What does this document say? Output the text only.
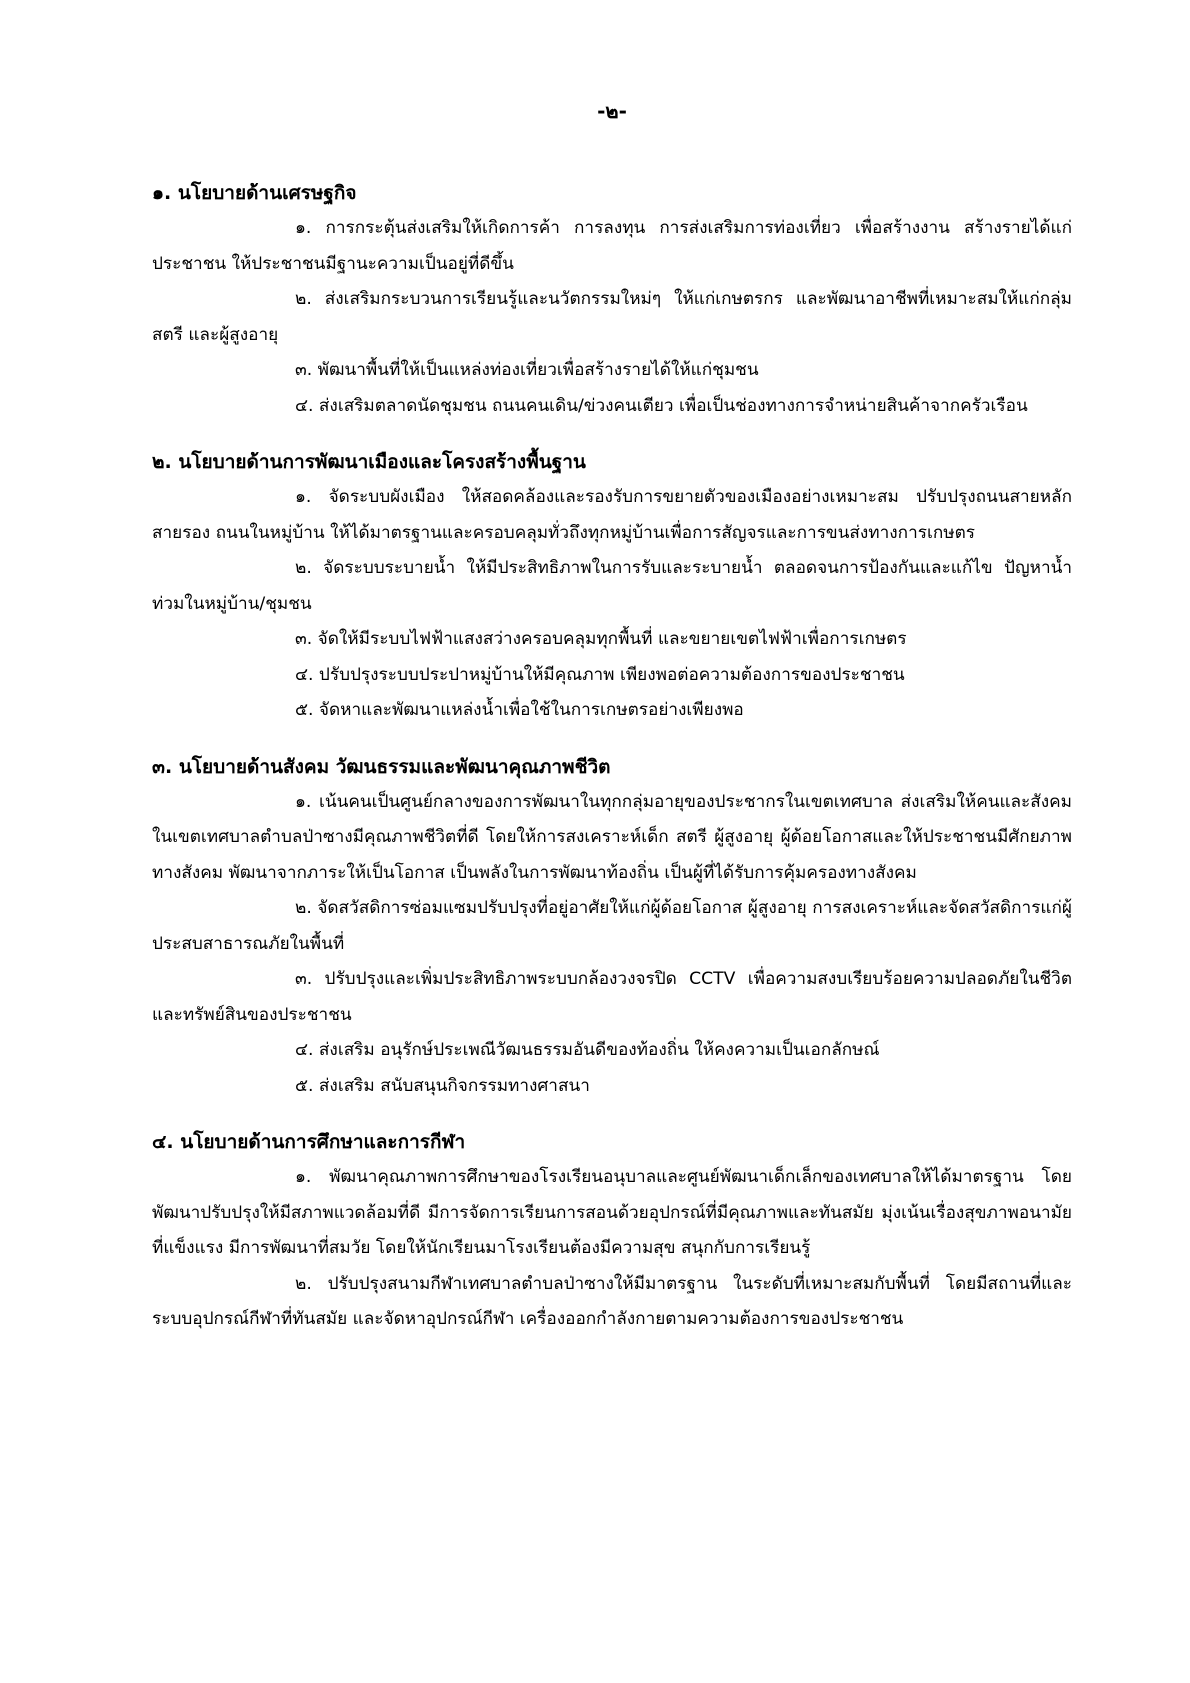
-๒-

๑. นโยบายด้านเศรษฐกิจ

๑. การกระตุ้นส่งเสริมให้เกิดการค้า การลงทุน การส่งเสริมการท่องเที่ยว เพื่อสร้างงาน สร้างรายได้แก่ประชาชน ให้ประชาชนมีฐานะความเป็นอยู่ที่ดีขึ้น

๒. ส่งเสริมกระบวนการเรียนรู้และนวัตกรรมใหม่ๆ ให้แก่เกษตรกร และพัฒนาอาชีพที่เหมาะสมให้แก่กลุ่มสตรี และผู้สูงอายุ

๓. พัฒนาพื้นที่ให้เป็นแหล่งท่องเที่ยวเพื่อสร้างรายได้ให้แก่ชุมชน

๔. ส่งเสริมตลาดนัดชุมชน ถนนคนเดิน/ข่วงคนเตียว เพื่อเป็นช่องทางการจำหน่ายสินค้าจากครัวเรือน

๒. นโยบายด้านการพัฒนาเมืองและโครงสร้างพื้นฐาน

๑. จัดระบบผังเมือง ให้สอดคล้องและรองรับการขยายตัวของเมืองอย่างเหมาะสม ปรับปรุงถนนสายหลัก สายรอง ถนนในหมู่บ้าน ให้ได้มาตรฐานและครอบคลุมทั่วถึงทุกหมู่บ้านเพื่อการสัญจรและการขนส่งทางการเกษตร

๒. จัดระบบระบายน้ำ ให้มีประสิทธิภาพในการรับและระบายน้ำ ตลอดจนการป้องกันและแก้ไข ปัญหาน้ำท่วมในหมู่บ้าน/ชุมชน

๓. จัดให้มีระบบไฟฟ้าแสงสว่างครอบคลุมทุกพื้นที่ และขยายเขตไฟฟ้าเพื่อการเกษตร

๔. ปรับปรุงระบบประปาหมู่บ้านให้มีคุณภาพ เพียงพอต่อความต้องการของประชาชน

๕. จัดหาและพัฒนาแหล่งน้ำเพื่อใช้ในการเกษตรอย่างเพียงพอ

๓. นโยบายด้านสังคม วัฒนธรรมและพัฒนาคุณภาพชีวิต

๑. เน้นคนเป็นศูนย์กลางของการพัฒนาในทุกกลุ่มอายุของประชากรในเขตเทศบาล ส่งเสริมให้คนและสังคมในเขตเทศบาลตำบลป่าซางมีคุณภาพชีวิตที่ดี โดยให้การสงเคราะห์เด็ก สตรี ผู้สูงอายุ ผู้ด้อยโอกาสและให้ประชาชนมีศักยภาพทางสังคม พัฒนาจากภาระให้เป็นโอกาส เป็นพลังในการพัฒนาท้องถิ่น เป็นผู้ที่ได้รับการคุ้มครองทางสังคม

๒. จัดสวัสดิการซ่อมแซมปรับปรุงที่อยู่อาศัยให้แก่ผู้ด้อยโอกาส ผู้สูงอายุ การสงเคราะห์และจัดสวัสดิการแก่ผู้ประสบสาธารณภัยในพื้นที่

๓. ปรับปรุงและเพิ่มประสิทธิภาพระบบกล้องวงจรปิด CCTV เพื่อความสงบเรียบร้อยความปลอดภัยในชีวิตและทรัพย์สินของประชาชน

๔. ส่งเสริม อนุรักษ์ประเพณีวัฒนธรรมอันดีของท้องถิ่น ให้คงความเป็นเอกลักษณ์

๕. ส่งเสริม สนับสนุนกิจกรรมทางศาสนา

๔. นโยบายด้านการศึกษาและการกีฬา

๑. พัฒนาคุณภาพการศึกษาของโรงเรียนอนุบาลและศูนย์พัฒนาเด็กเล็กของเทศบาลให้ได้มาตรฐาน โดยพัฒนาปรับปรุงให้มีสภาพแวดล้อมที่ดี มีการจัดการเรียนการสอนด้วยอุปกรณ์ที่มีคุณภาพและทันสมัย มุ่งเน้นเรื่องสุขภาพอนามัยที่แข็งแรง มีการพัฒนาที่สมวัย โดยให้นักเรียนมาโรงเรียนต้องมีความสุข สนุกกับการเรียนรู้

๒. ปรับปรุงสนามกีฬาเทศบาลตำบลป่าซางให้มีมาตรฐาน ในระดับที่เหมาะสมกับพื้นที่ โดยมีสถานที่และระบบอุปกรณ์กีฬาที่ทันสมัย และจัดหาอุปกรณ์กีฬา เครื่องออกกำลังกายตามความต้องการของประชาชน
